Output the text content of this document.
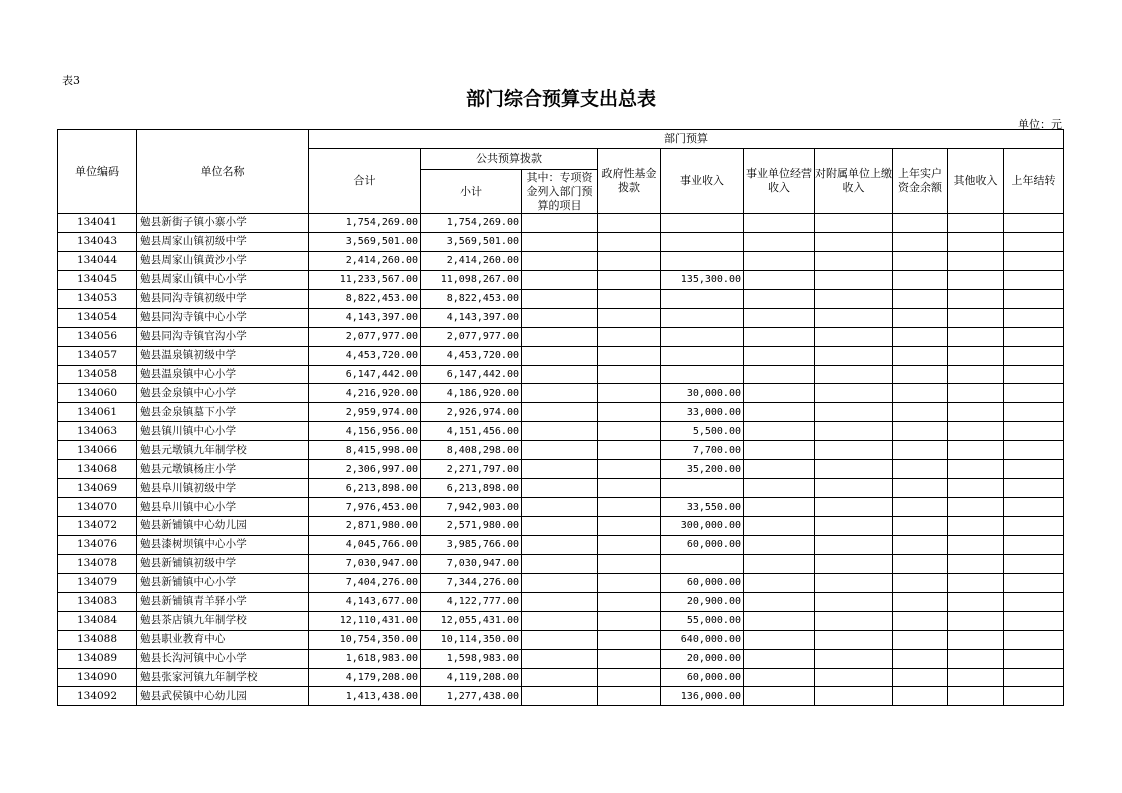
表3
部门综合预算支出总表
单位：元
单位编码	单位名称	部门预算									
		合计	公共预算拨款		政府性基金拨款	事业收入	事业单位经营收入	对附属单位上缴收入	上年实户资金余额	其他收入	上年结转
			小计	其中：专项资金列入部门预算的项目							
134041	勉县新街子镇小寨小学	1,754,269.00	1,754,269.00								
134043	勉县周家山镇初级中学	3,569,501.00	3,569,501.00								
134044	勉县周家山镇黄沙小学	2,414,260.00	2,414,260.00								
134045	勉县周家山镇中心小学	11,233,567.00	11,098,267.00			135,300.00					
134053	勉县同沟寺镇初级中学	8,822,453.00	8,822,453.00								
134054	勉县同沟寺镇中心小学	4,143,397.00	4,143,397.00								
134056	勉县同沟寺镇官沟小学	2,077,977.00	2,077,977.00								
134057	勉县温泉镇初级中学	4,453,720.00	4,453,720.00								
134058	勉县温泉镇中心小学	6,147,442.00	6,147,442.00								
134060	勉县金泉镇中心小学	4,216,920.00	4,186,920.00			30,000.00					
134061	勉县金泉镇墓下小学	2,959,974.00	2,926,974.00			33,000.00					
134063	勉县镇川镇中心小学	4,156,956.00	4,151,456.00			5,500.00					
134066	勉县元墩镇九年制学校	8,415,998.00	8,408,298.00			7,700.00					
134068	勉县元墩镇杨庄小学	2,306,997.00	2,271,797.00			35,200.00					
134069	勉县阜川镇初级中学	6,213,898.00	6,213,898.00								
134070	勉县阜川镇中心小学	7,976,453.00	7,942,903.00			33,550.00					
134072	勉县新铺镇中心幼儿园	2,871,980.00	2,571,980.00			300,000.00					
134076	勉县漆树坝镇中心小学	4,045,766.00	3,985,766.00			60,000.00					
134078	勉县新铺镇初级中学	7,030,947.00	7,030,947.00								
134079	勉县新铺镇中心小学	7,404,276.00	7,344,276.00			60,000.00					
134083	勉县新铺镇青羊驿小学	4,143,677.00	4,122,777.00			20,900.00					
134084	勉县茶店镇九年制学校	12,110,431.00	12,055,431.00			55,000.00					
134088	勉县职业教育中心	10,754,350.00	10,114,350.00			640,000.00					
134089	勉县长沟河镇中心小学	1,618,983.00	1,598,983.00			20,000.00					
134090	勉县张家河镇九年制学校	4,179,208.00	4,119,208.00			60,000.00					
134092	勉县武侯镇中心幼儿园	1,413,438.00	1,277,438.00			136,000.00					
